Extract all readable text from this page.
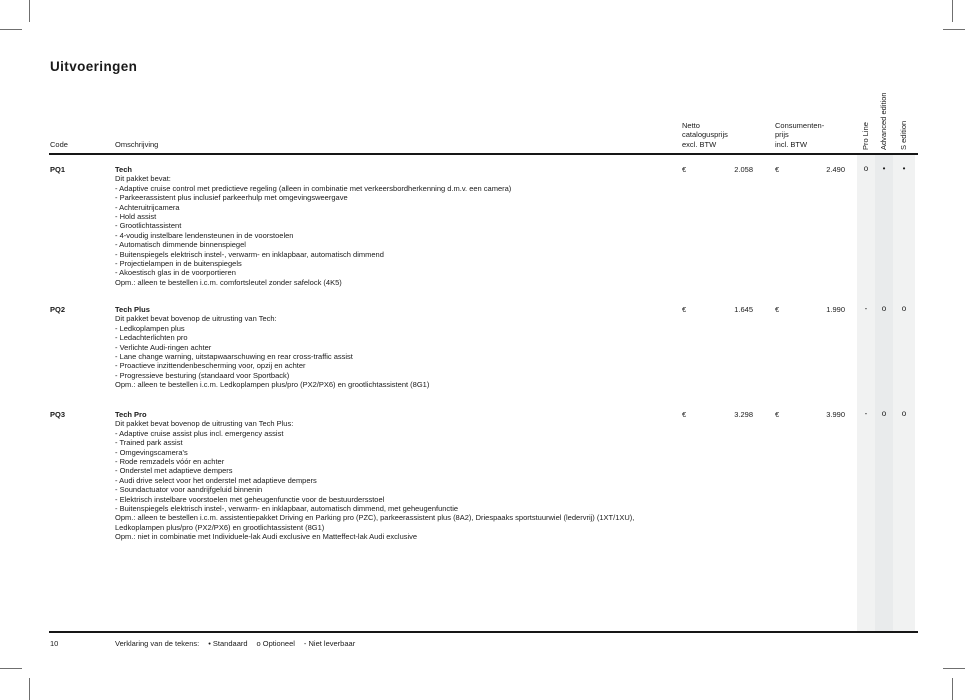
Uitvoeringen
Code	Omschrijving
Netto
catalogusprijs
excl. BTW
Consumenten-
prijs
incl. BTW	Pro Line	Advanced edition	S edition
PQ1	Tech
Dit pakket bevat:
- Adaptive cruise control met predictieve regeling (alleen in combinatie met verkeersbordherkenning d.m.v. een camera)
- Parkeerassistent plus inclusief parkeerhulp met omgevingsweergave
- Achteruitrijcamera
- Hold assist
- Grootlichtassistent
- 4-voudig instelbare lendensteunen in de voorstoelen
- Automatisch dimmende binnenspiegel
- Buitenspiegels elektrisch instel-, verwarm- en inklapbaar, automatisch dimmend
- Projectielampen in de buitenspiegels
- Akoestisch glas in de voorportieren
Opm.: alleen te bestellen i.c.m. comfortsleutel zonder safelock (4K5)
€	2.058	€	2.490	o	•	•
PQ2	Tech Plus
Dit pakket bevat bovenop de uitrusting van Tech:
- Ledkoplampen plus
- Ledachterlichten pro
- Verlichte Audi-ringen achter
- Lane change warning, uitstapwaarschuwing en rear cross-traffic assist
- Proactieve inzittendenbescherming voor, opzij en achter
- Progressieve besturing (standaard voor Sportback)
Opm.: alleen te bestellen i.c.m. Ledkoplampen plus/pro (PX2/PX6) en grootlichtassistent (8G1)
€	1.645	€	1.990	-	o	o
PQ3	Tech Pro
Dit pakket bevat bovenop de uitrusting van Tech Plus:
- Adaptive cruise assist plus incl. emergency assist
- Trained park assist
- Omgevingscamera's
- Rode remzadels vóór en achter
- Onderstel met adaptieve dempers
- Audi drive select voor het onderstel met adaptieve dempers
- Soundactuator voor aandrijfgeluid binnenin
- Elektrisch instelbare voorstoelen met geheugenfunctie voor de bestuurdersstoel
- Buitenspiegels elektrisch instel-, verwarm- en inklapbaar, automatisch dimmend, met geheugenfunctie
Opm.: alleen te bestellen i.c.m. assistentiepakket Driving en Parking pro (PZC), parkeerassistent plus (8A2), Driespaaks sportstuurwiel (ledervrij) (1XT/1XU), Ledkoplampen plus/pro (PX2/PX6) en grootlichtassistent (8G1)
Opm.: niet in combinatie met Individuele-lak Audi exclusive en Matteffect-lak Audi exclusive
€	3.298	€	3.990	-	o	o
10	Verklaring van de tekens: • Standaard o Optioneel - Niet leverbaar
